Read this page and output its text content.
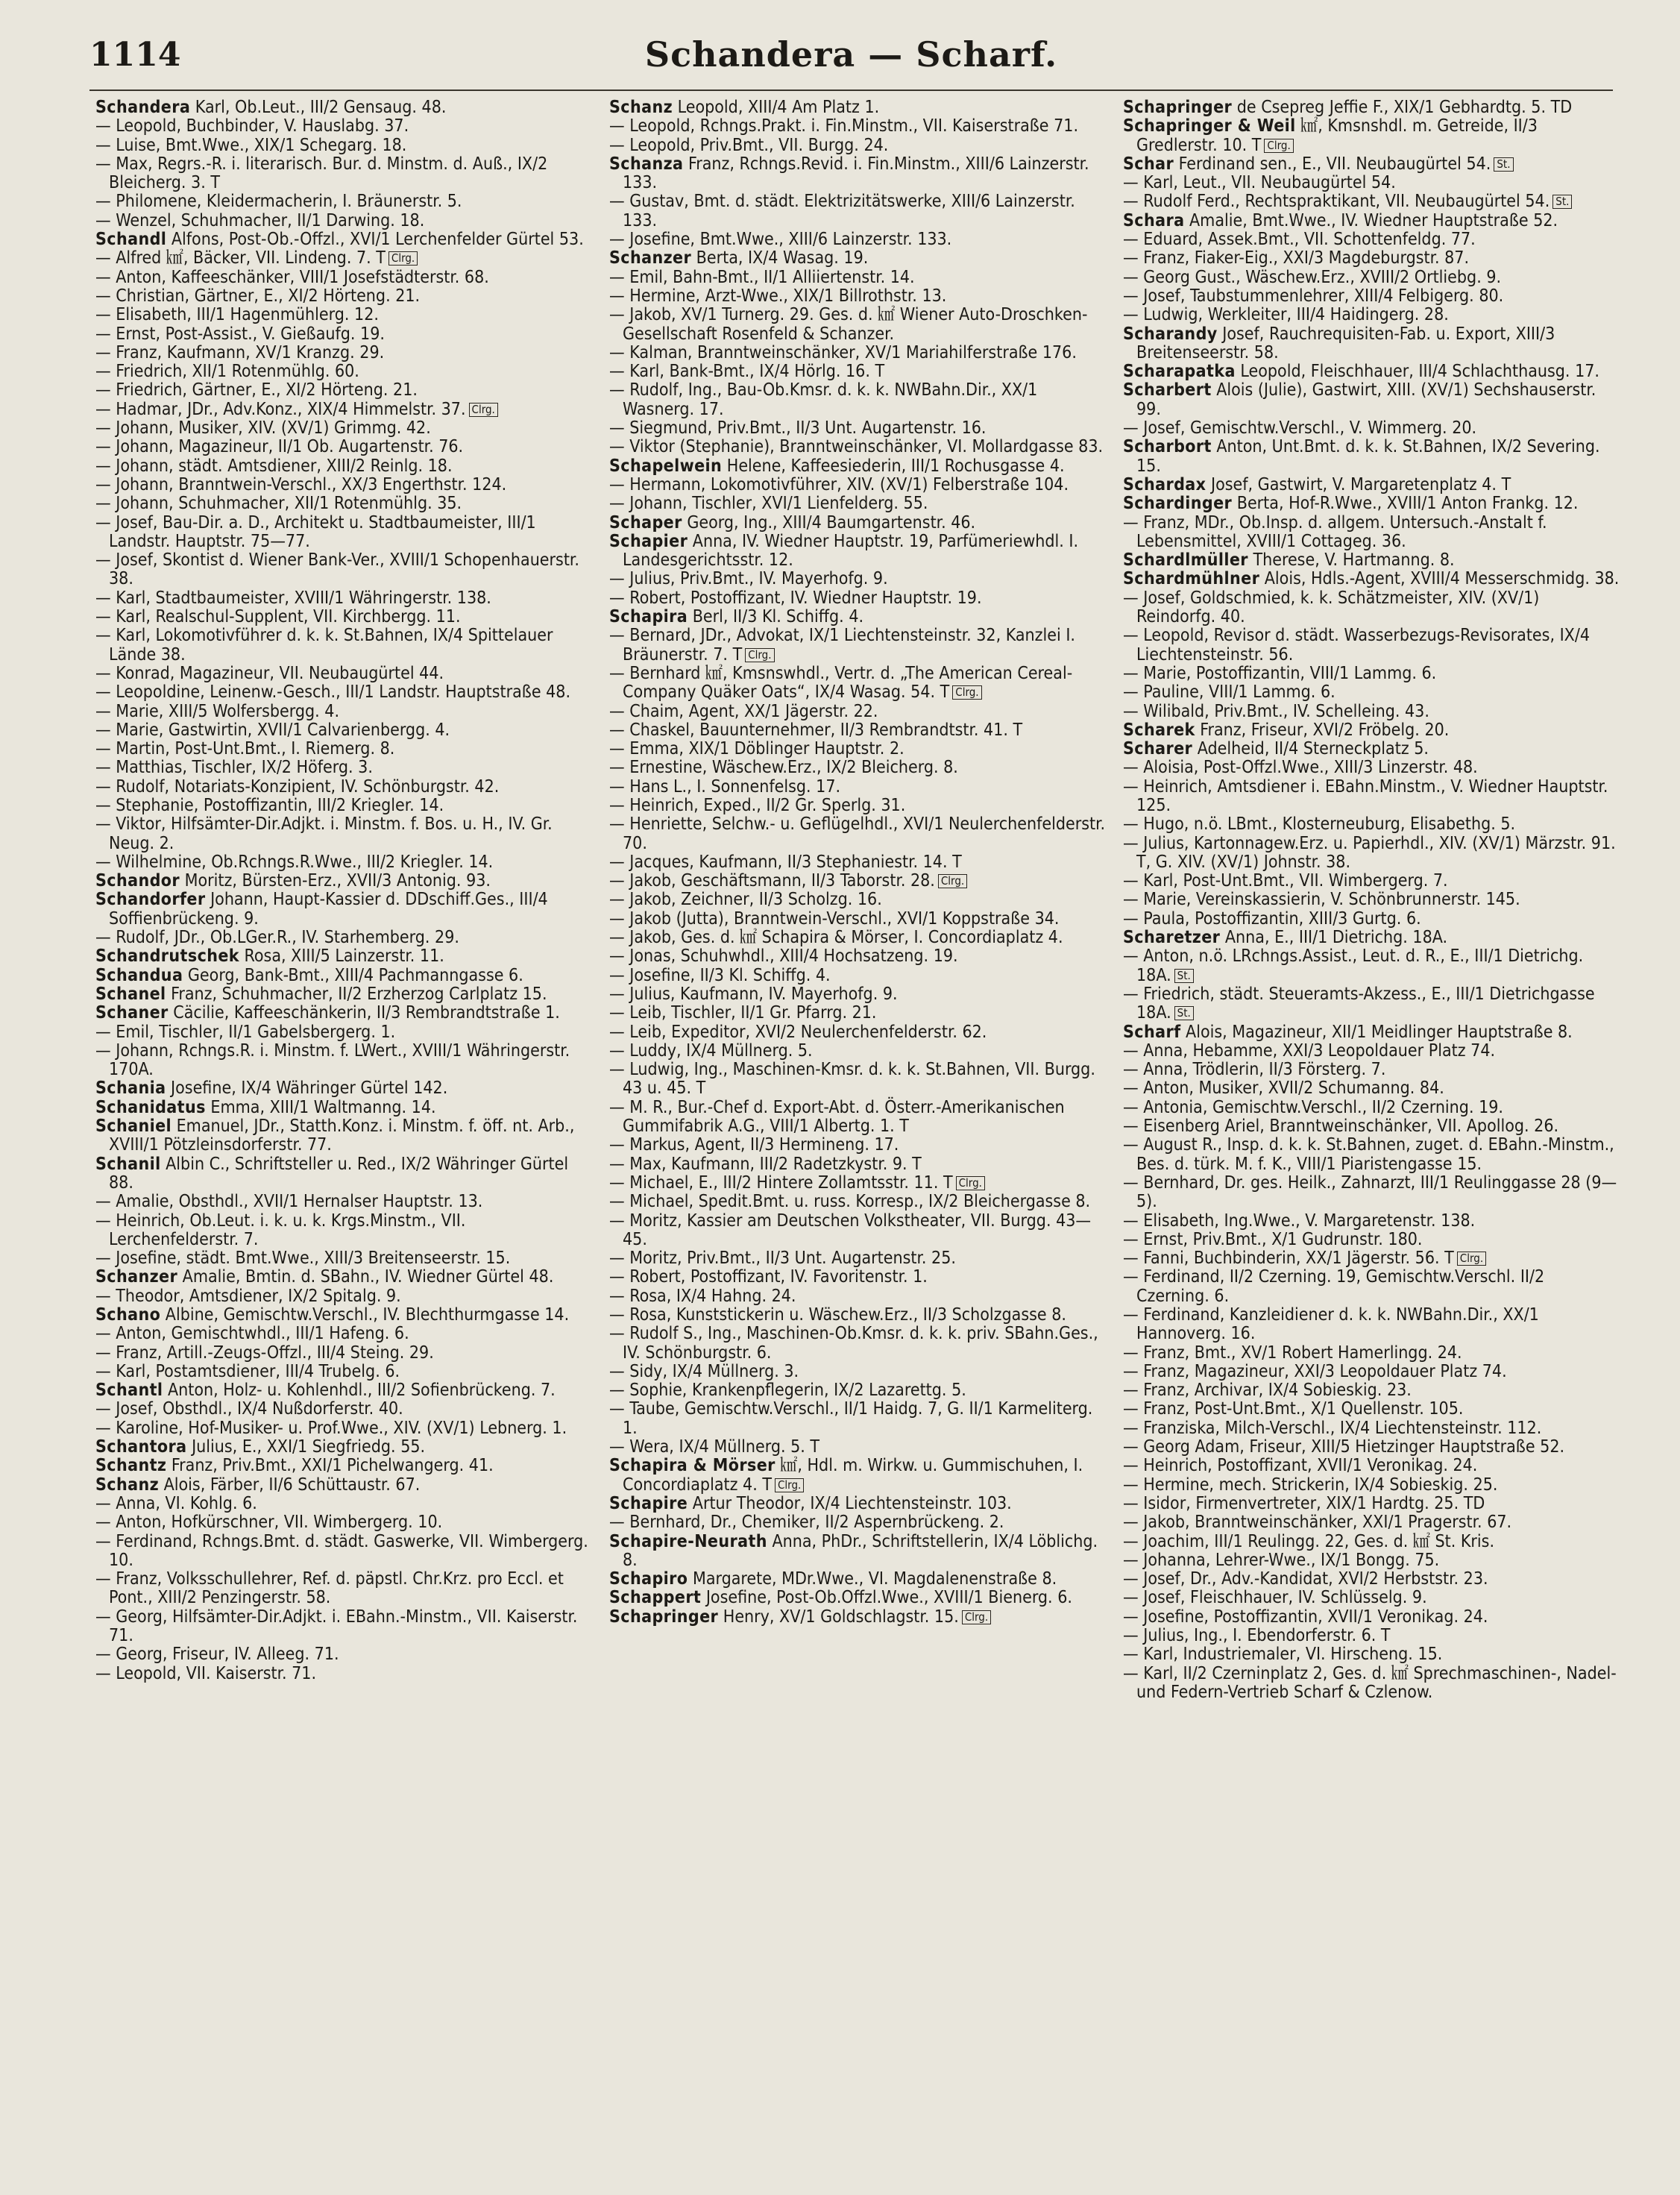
1114	Schandera — Scharf.

Schandera Karl, Ob.Leut., III/2 Gensaug. 48.

— Leopold, Buchbinder, V. Hauslabg. 37.

— Luise, Bmt.Wwe., XIX/1 Schegarg. 18.

— Max, Regrs.-R. i. literarisch. Bur. d. Minstm. d. Auß., IX/2 Bleicherg. 3. T

— Philomene, Kleidermacherin, I. Bräunerstr. 5.

— Wenzel, Schuhmacher, II/1 Darwing. 18.

Schandl Alfons, Post-Ob.-Offzl., XVI/1 Lerchenfelder Gürtel 53.

— Alfred ㎢, Bäcker, VII. Lindeng. 7. T Clrg.

— Anton, Kaffeeschänker, VIII/1 Josefstädterstr. 68.

— Christian, Gärtner, E., XI/2 Hörteng. 21.

— Elisabeth, III/1 Hagenmühlerg. 12.

— Ernst, Post-Assist., V. Gießaufg. 19.

— Franz, Kaufmann, XV/1 Kranzg. 29.

— Friedrich, XII/1 Rotenmühlg. 60.

— Friedrich, Gärtner, E., XI/2 Hörteng. 21.

— Hadmar, JDr., Adv.Konz., XIX/4 Himmelstr. 37. Clrg.

— Johann, Musiker, XIV. (XV/1) Grimmg. 42.

— Johann, Magazineur, II/1 Ob. Augartenstr. 76.

— Johann, städt. Amtsdiener, XIII/2 Reinlg. 18.

— Johann, Branntwein-Verschl., XX/3 Engerthstr. 124.

— Johann, Schuhmacher, XII/1 Rotenmühlg. 35.

— Josef, Bau-Dir. a. D., Architekt u. Stadtbaumeister, III/1 Landstr. Hauptstr. 75—77.

— Josef, Skontist d. Wiener Bank-Ver., XVIII/1 Schopenhauerstr. 38.

— Karl, Stadtbaumeister, XVIII/1 Währingerstr. 138.

— Karl, Realschul-Supplent, VII. Kirchbergg. 11.

— Karl, Lokomotivführer d. k. k. St.Bahnen, IX/4 Spittelauer Lände 38.

— Konrad, Magazineur, VII. Neubaugürtel 44.

— Leopoldine, Leinenw.-Gesch., III/1 Landstr. Hauptstraße 48.

— Marie, XIII/5 Wolfersbergg. 4.

— Marie, Gastwirtin, XVII/1 Calvarienbergg. 4.

— Martin, Post-Unt.Bmt., I. Riemerg. 8.

— Matthias, Tischler, IX/2 Höferg. 3.

— Rudolf, Notariats-Konzipient, IV. Schönburgstr. 42.

— Stephanie, Postoffizantin, III/2 Kriegler. 14.

— Viktor, Hilfsämter-Dir.Adjkt. i. Minstm. f. Bos. u. H., IV. Gr. Neug. 2.

— Wilhelmine, Ob.Rchngs.R.Wwe., III/2 Kriegler. 14.

Schandor Moritz, Bürsten-Erz., XVII/3 Antonig. 93.

Schandorfer Johann, Haupt-Kassier d. DDschiff.Ges., III/4 Soffienbrückeng. 9.

— Rudolf, JDr., Ob.LGer.R., IV. Starhemberg. 29.

Schandrutschek Rosa, XIII/5 Lainzerstr. 11.

Schandua Georg, Bank-Bmt., XIII/4 Pachmanngasse 6.

Schanel Franz, Schuhmacher, II/2 Erzherzog Carlplatz 15.

Schaner Cäcilie, Kaffeeschänkerin, II/3 Rembrandtstraße 1.

— Emil, Tischler, II/1 Gabelsbergerg. 1.

— Johann, Rchngs.R. i. Minstm. f. LWert., XVIII/1 Währingerstr. 170A.

Schania Josefine, IX/4 Währinger Gürtel 142.

Schanidatus Emma, XIII/1 Waltmanng. 14.

Schaniel Emanuel, JDr., Statth.Konz. i. Minstm. f. öff. nt. Arb., XVIII/1 Pötzleinsdorferstr. 77.

Schanil Albin C., Schriftsteller u. Red., IX/2 Währinger Gürtel 88.

— Amalie, Obsthdl., XVII/1 Hernalser Hauptstr. 13.

— Heinrich, Ob.Leut. i. k. u. k. Krgs.Minstm., VII. Lerchenfelderstr. 7.

— Josefine, städt. Bmt.Wwe., XIII/3 Breitenseerstr. 15.

Schanzer Amalie, Bmtin. d. SBahn., IV. Wiedner Gürtel 48.

— Theodor, Amtsdiener, IX/2 Spitalg. 9.

Schano Albine, Gemischtw.Verschl., IV. Blechthurmgasse 14.

— Anton, Gemischtwhdl., III/1 Hafeng. 6.

— Franz, Artill.-Zeugs-Offzl., III/4 Steing. 29.

— Karl, Postamtsdiener, III/4 Trubelg. 6.

Schantl Anton, Holz- u. Kohlenhdl., III/2 Sofienbrückeng. 7.

— Josef, Obsthdl., IX/4 Nußdorferstr. 40.

— Karoline, Hof-Musiker- u. Prof.Wwe., XIV. (XV/1) Lebnerg. 1.

Schantora Julius, E., XXI/1 Siegfriedg. 55.

Schantz Franz, Priv.Bmt., XXI/1 Pichelwangerg. 41.

Schanz Alois, Färber, II/6 Schüttaustr. 67.

— Anna, VI. Kohlg. 6.

— Anton, Hofkürschner, VII. Wimbergerg. 10.

— Ferdinand, Rchngs.Bmt. d. städt. Gaswerke, VII. Wimbergerg. 10.

— Franz, Volksschullehrer, Ref. d. päpstl. Chr.Krz. pro Eccl. et Pont., XIII/2 Penzingerstr. 58.

— Georg, Hilfsämter-Dir.Adjkt. i. EBahn.-Minstm., VII. Kaiserstr. 71.

— Georg, Friseur, IV. Alleeg. 71.

— Leopold, VII. Kaiserstr. 71.

Schanz Leopold, XIII/4 Am Platz 1.

— Leopold, Rchngs.Prakt. i. Fin.Minstm., VII. Kaiserstraße 71.

— Leopold, Priv.Bmt., VII. Burgg. 24.

Schanza Franz, Rchngs.Revid. i. Fin.Minstm., XIII/6 Lainzerstr. 133.

— Gustav, Bmt. d. städt. Elektrizitätswerke, XIII/6 Lainzerstr. 133.

— Josefine, Bmt.Wwe., XIII/6 Lainzerstr. 133.

Schanzer Berta, IX/4 Wasag. 19.

— Emil, Bahn-Bmt., II/1 Alliiertenstr. 14.

— Hermine, Arzt-Wwe., XIX/1 Billrothstr. 13.

— Jakob, XV/1 Turnerg. 29. Ges. d. ㎢ Wiener Auto-Droschken-Gesellschaft Rosenfeld & Schanzer.

— Kalman, Branntweinschänker, XV/1 Mariahilferstraße 176.

— Karl, Bank-Bmt., IX/4 Hörlg. 16. T

— Rudolf, Ing., Bau-Ob.Kmsr. d. k. k. NWBahn.Dir., XX/1 Wasnerg. 17.

— Siegmund, Priv.Bmt., II/3 Unt. Augartenstr. 16.

— Viktor (Stephanie), Branntweinschänker, VI. Mollardgasse 83.

Schapelwein Helene, Kaffeesiederin, III/1 Rochusgasse 4.

— Hermann, Lokomotivführer, XIV. (XV/1) Felberstraße 104.

— Johann, Tischler, XVI/1 Lienfelderg. 55.

Schaper Georg, Ing., XIII/4 Baumgartenstr. 46.

Schapier Anna, IV. Wiedner Hauptstr. 19, Parfümeriewhdl. I. Landesgerichtsstr. 12.

— Julius, Priv.Bmt., IV. Mayerhofg. 9.

— Robert, Postoffizant, IV. Wiedner Hauptstr. 19.

Schapira Berl, II/3 Kl. Schiffg. 4.

— Bernard, JDr., Advokat, IX/1 Liechtensteinstr. 32, Kanzlei I. Bräunerstr. 7. T Clrg.

— Bernhard ㎢, Kmsnswhdl., Vertr. d. „The American Cereal-Company Quäker Oats“, IX/4 Wasag. 54. T Clrg.

— Chaim, Agent, XX/1 Jägerstr. 22.

— Chaskel, Bauunternehmer, II/3 Rembrandtstr. 41. T

— Emma, XIX/1 Döblinger Hauptstr. 2.

— Ernestine, Wäschew.Erz., IX/2 Bleicherg. 8.

— Hans L., I. Sonnenfelsg. 17.

— Heinrich, Exped., II/2 Gr. Sperlg. 31.

— Henriette, Selchw.- u. Geflügelhdl., XVI/1 Neulerchenfelderstr. 70.

— Jacques, Kaufmann, II/3 Stephaniestr. 14. T

— Jakob, Geschäftsmann, II/3 Taborstr. 28. Clrg.

— Jakob, Zeichner, II/3 Scholzg. 16.

— Jakob (Jutta), Branntwein-Verschl., XVI/1 Koppstraße 34.

— Jakob, Ges. d. ㎢ Schapira & Mörser, I. Concordiaplatz 4.

— Jonas, Schuhwhdl., XIII/4 Hochsatzeng. 19.

— Josefine, II/3 Kl. Schiffg. 4.

— Julius, Kaufmann, IV. Mayerhofg. 9.

— Leib, Tischler, II/1 Gr. Pfarrg. 21.

— Leib, Expeditor, XVI/2 Neulerchenfelderstr. 62.

— Luddy, IX/4 Müllnerg. 5.

— Ludwig, Ing., Maschinen-Kmsr. d. k. k. St.Bahnen, VII. Burgg. 43 u. 45. T

— M. R., Bur.-Chef d. Export-Abt. d. Österr.-Amerikanischen Gummifabrik A.G., VIII/1 Albertg. 1. T

— Markus, Agent, II/3 Hermineng. 17.

— Max, Kaufmann, III/2 Radetzkystr. 9. T

— Michael, E., III/2 Hintere Zollamtsstr. 11. T Clrg.

— Michael, Spedit.Bmt. u. russ. Korresp., IX/2 Bleichergasse 8.

— Moritz, Kassier am Deutschen Volkstheater, VII. Burgg. 43—45.

— Moritz, Priv.Bmt., II/3 Unt. Augartenstr. 25.

— Robert, Postoffizant, IV. Favoritenstr. 1.

— Rosa, IX/4 Hahng. 24.

— Rosa, Kunststickerin u. Wäschew.Erz., II/3 Scholzgasse 8.

— Rudolf S., Ing., Maschinen-Ob.Kmsr. d. k. k. priv. SBahn.Ges., IV. Schönburgstr. 6.

— Sidy, IX/4 Müllnerg. 3.

— Sophie, Krankenpflegerin, IX/2 Lazarettg. 5.

— Taube, Gemischtw.Verschl., II/1 Haidg. 7, G. II/1 Karmeliterg. 1.

— Wera, IX/4 Müllnerg. 5. T

Schapira & Mörser ㎢, Hdl. m. Wirkw. u. Gummischuhen, I. Concordiaplatz 4. T Clrg.

Schapire Artur Theodor, IX/4 Liechtensteinstr. 103.

— Bernhard, Dr., Chemiker, II/2 Aspernbrückeng. 2.

Schapire-Neurath Anna, PhDr., Schriftstellerin, IX/4 Löblichg. 8.

Schapiro Margarete, MDr.Wwe., VI. Magdalenenstraße 8.

Schappert Josefine, Post-Ob.Offzl.Wwe., XVIII/1 Bienerg. 6.

Schapringer Henry, XV/1 Goldschlagstr. 15. Clrg.

Schapringer de Csepreg Jeffie F., XIX/1 Gebhardtg. 5. TD

Schapringer & Weil ㎢, Kmsnshdl. m. Getreide, II/3 Gredlerstr. 10. T Clrg.

Schar Ferdinand sen., E., VII. Neubaugürtel 54. St.

— Karl, Leut., VII. Neubaugürtel 54.

— Rudolf Ferd., Rechtspraktikant, VII. Neubaugürtel 54. St.

Schara Amalie, Bmt.Wwe., IV. Wiedner Hauptstraße 52.

— Eduard, Assek.Bmt., VII. Schottenfeldg. 77.

— Franz, Fiaker-Eig., XXI/3 Magdeburgstr. 87.

— Georg Gust., Wäschew.Erz., XVIII/2 Ortliebg. 9.

— Josef, Taubstummenlehrer, XIII/4 Felbigerg. 80.

— Ludwig, Werkleiter, III/4 Haidingerg. 28.

Scharandy Josef, Rauchrequisiten-Fab. u. Export, XIII/3 Breitenseerstr. 58.

Scharapatka Leopold, Fleischhauer, III/4 Schlachthausg. 17.

Scharbert Alois (Julie), Gastwirt, XIII. (XV/1) Sechshauserstr. 99.

— Josef, Gemischtw.Verschl., V. Wimmerg. 20.

Scharbort Anton, Unt.Bmt. d. k. k. St.Bahnen, IX/2 Severing. 15.

Schardax Josef, Gastwirt, V. Margaretenplatz 4. T

Schardinger Berta, Hof-R.Wwe., XVIII/1 Anton Frankg. 12.

— Franz, MDr., Ob.Insp. d. allgem. Untersuch.-Anstalt f. Lebensmittel, XVIII/1 Cottageg. 36.

Schardlmüller Therese, V. Hartmanng. 8.

Schardmühlner Alois, Hdls.-Agent, XVIII/4 Messerschmidg. 38.

— Josef, Goldschmied, k. k. Schätzmeister, XIV. (XV/1) Reindorfg. 40.

— Leopold, Revisor d. städt. Wasserbezugs-Revisorates, IX/4 Liechtensteinstr. 56.

— Marie, Postoffizantin, VIII/1 Lammg. 6.

— Pauline, VIII/1 Lammg. 6.

— Wilibald, Priv.Bmt., IV. Schelleing. 43.

Scharek Franz, Friseur, XVI/2 Fröbelg. 20.

Scharer Adelheid, II/4 Sterneckplatz 5.

— Aloisia, Post-Offzl.Wwe., XIII/3 Linzerstr. 48.

— Heinrich, Amtsdiener i. EBahn.Minstm., V. Wiedner Hauptstr. 125.

— Hugo, n.ö. LBmt., Klosterneuburg, Elisabethg. 5.

— Julius, Kartonnagew.Erz. u. Papierhdl., XIV. (XV/1) Märzstr. 91. T, G. XIV. (XV/1) Johnstr. 38.

— Karl, Post-Unt.Bmt., VII. Wimbergerg. 7.

— Marie, Vereinskassierin, V. Schönbrunnerstr. 145.

— Paula, Postoffizantin, XIII/3 Gurtg. 6.

Scharetzer Anna, E., III/1 Dietrichg. 18A.

— Anton, n.ö. LRchngs.Assist., Leut. d. R., E., III/1 Dietrichg. 18A. St.

— Friedrich, städt. Steueramts-Akzess., E., III/1 Dietrichgasse 18A. St.

Scharf Alois, Magazineur, XII/1 Meidlinger Hauptstraße 8.

— Anna, Hebamme, XXI/3 Leopoldauer Platz 74.

— Anna, Trödlerin, II/3 Försterg. 7.

— Anton, Musiker, XVII/2 Schumanng. 84.

— Antonia, Gemischtw.Verschl., II/2 Czerning. 19.

— Eisenberg Ariel, Branntweinschänker, VII. Apollog. 26.

— August R., Insp. d. k. k. St.Bahnen, zuget. d. EBahn.-Minstm., Bes. d. türk. M. f. K., VIII/1 Piaristengasse 15.

— Bernhard, Dr. ges. Heilk., Zahnarzt, III/1 Reulinggasse 28 (9—5).

— Elisabeth, Ing.Wwe., V. Margaretenstr. 138.

— Ernst, Priv.Bmt., X/1 Gudrunstr. 180.

— Fanni, Buchbinderin, XX/1 Jägerstr. 56. T Clrg.

— Ferdinand, II/2 Czerning. 19, Gemischtw.Verschl. II/2 Czerning. 6.

— Ferdinand, Kanzleidiener d. k. k. NWBahn.Dir., XX/1 Hannoverg. 16.

— Franz, Bmt., XV/1 Robert Hamerlingg. 24.

— Franz, Magazineur, XXI/3 Leopoldauer Platz 74.

— Franz, Archivar, IX/4 Sobieskig. 23.

— Franz, Post-Unt.Bmt., X/1 Quellenstr. 105.

— Franziska, Milch-Verschl., IX/4 Liechtensteinstr. 112.

— Georg Adam, Friseur, XIII/5 Hietzinger Hauptstraße 52.

— Heinrich, Postoffizant, XVII/1 Veronikag. 24.

— Hermine, mech. Strickerin, IX/4 Sobieskig. 25.

— Isidor, Firmenvertreter, XIX/1 Hardtg. 25. TD

— Jakob, Branntweinschänker, XXI/1 Pragerstr. 67.

— Joachim, III/1 Reulingg. 22, Ges. d. ㎢ St. Kris.

— Johanna, Lehrer-Wwe., IX/1 Bongg. 75.

— Josef, Dr., Adv.-Kandidat, XVI/2 Herbststr. 23.

— Josef, Fleischhauer, IV. Schlüsselg. 9.

— Josefine, Postoffizantin, XVII/1 Veronikag. 24.

— Julius, Ing., I. Ebendorferstr. 6. T

— Karl, Industriemaler, VI. Hirscheng. 15.

— Karl, II/2 Czerninplatz 2, Ges. d. ㎢ Sprechmaschinen-, Nadel- und Federn-Vertrieb Scharf & Czlenow.
